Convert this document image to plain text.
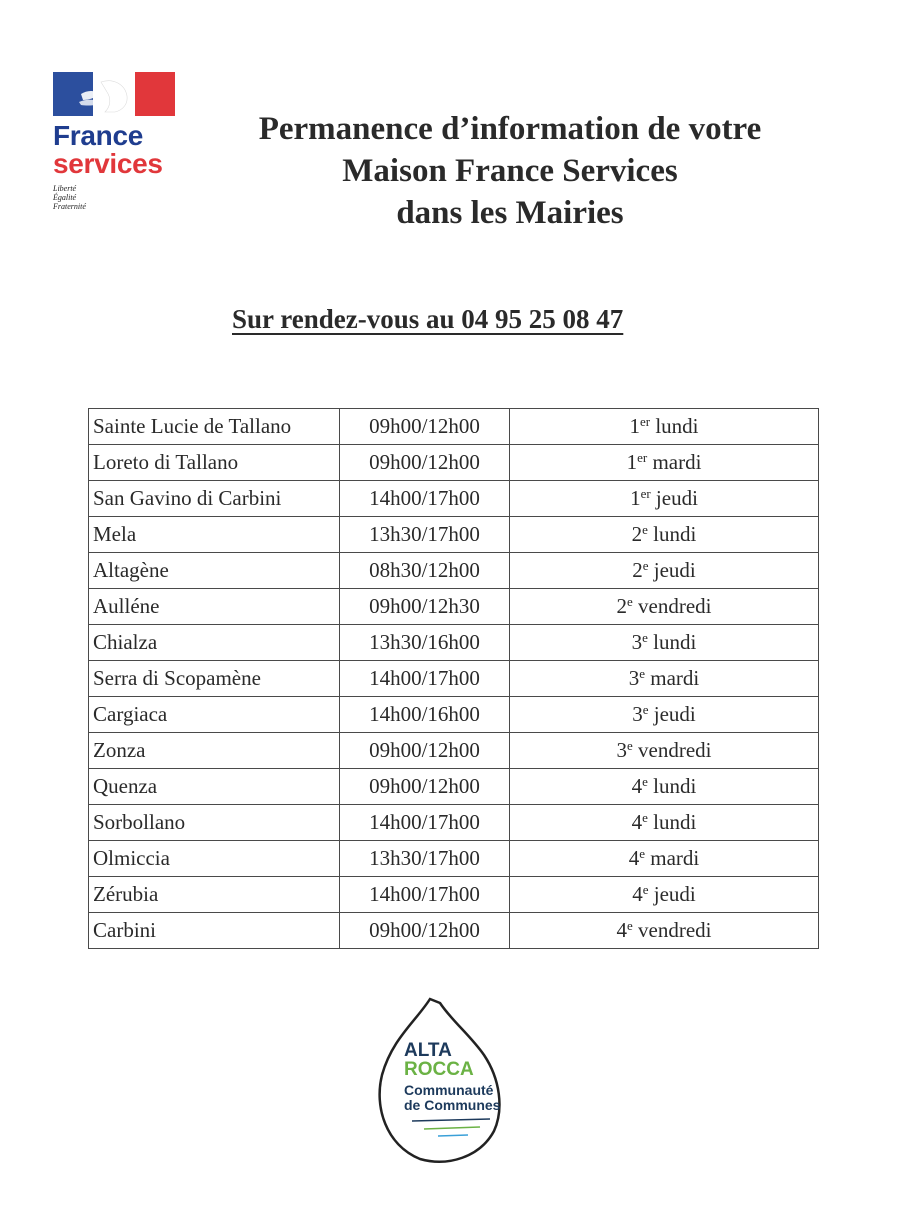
France
services
Liberté
Égalité
Fraternité
Permanence d’information de votre
Maison France Services
dans les Mairies
Sur rendez-vous au 04 95 25 08 47
Sainte Lucie de Tallano	09h00/12h00	1er lundi
Loreto di Tallano	09h00/12h00	1er mardi
San Gavino di Carbini	14h00/17h00	1er jeudi
Mela	13h30/17h00	2e lundi
Altagène	08h30/12h00	2e jeudi
Aulléne	09h00/12h30	2e vendredi
Chialza	13h30/16h00	3e lundi
Serra di Scopamène	14h00/17h00	3e mardi
Cargiaca	14h00/16h00	3e jeudi
Zonza	09h00/12h00	3e vendredi
Quenza	09h00/12h00	4e lundi
Sorbollano	14h00/17h00	4e lundi
Olmiccia	13h30/17h00	4e mardi
Zérubia	14h00/17h00	4e jeudi
Carbini	09h00/12h00	4e vendredi
ALTA
ROCCA
Communauté
de Communes
